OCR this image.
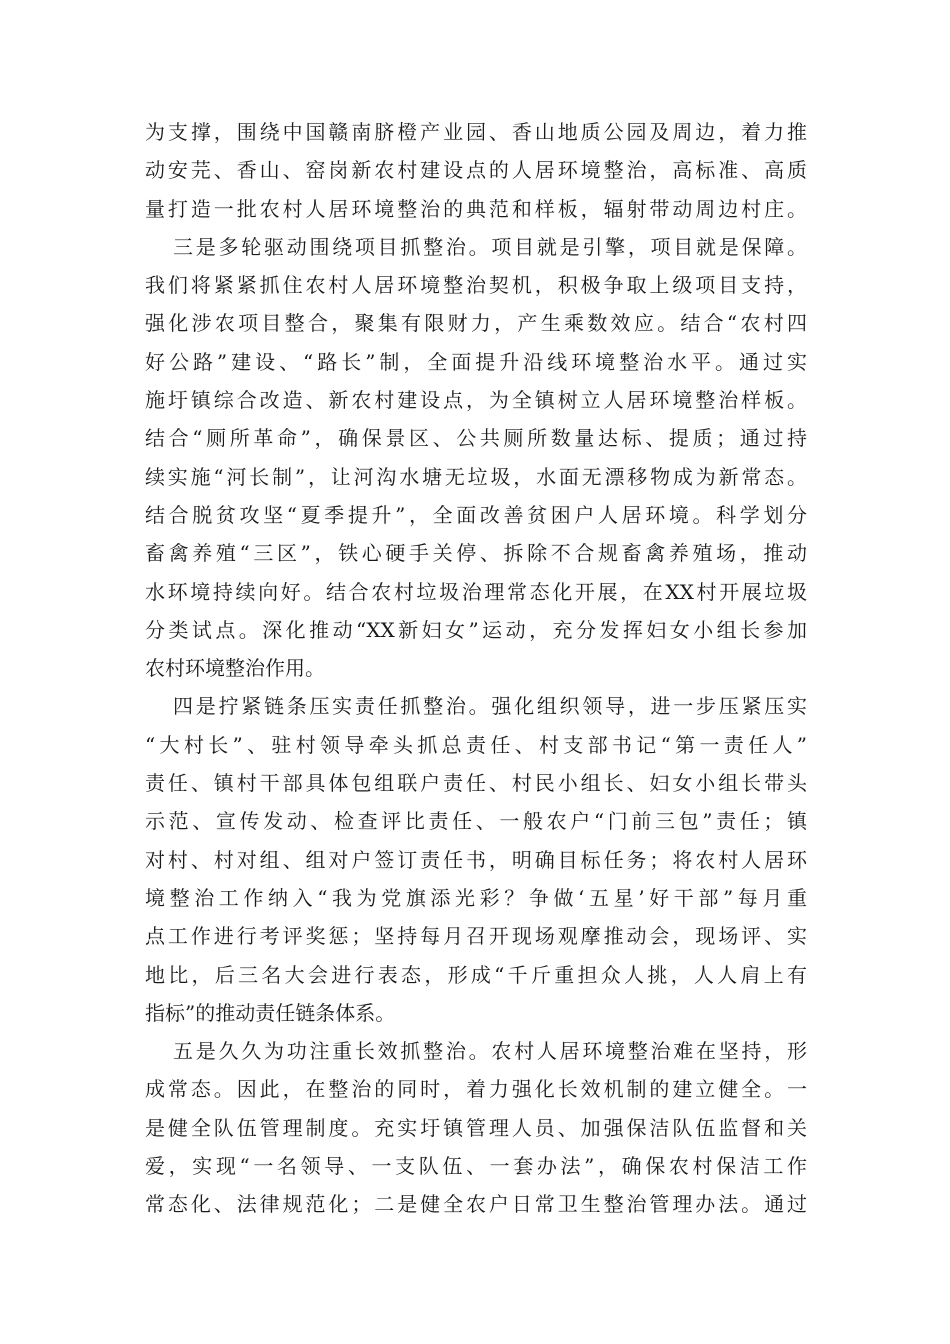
为支撑，围绕中国赣南脐橙产业园、香山地质公园及周边，着力推
动安芫、香山、窑岗新农村建设点的人居环境整治，高标准、高质
量打造一批农村人居环境整治的典范和样板，辐射带动周边村庄。
三是多轮驱动围绕项目抓整治。项目就是引擎，项目就是保障。
我们将紧紧抓住农村人居环境整治契机，积极争取上级项目支持，
强化涉农项目整合，聚集有限财力，产生乘数效应。结合“农村四
好公路”建设、“路长”制，全面提升沿线环境整治水平。通过实
施圩镇综合改造、新农村建设点，为全镇树立人居环境整治样板。
结合“厕所革命”，确保景区、公共厕所数量达标、提质；通过持
续实施“河长制”，让河沟水塘无垃圾，水面无漂移物成为新常态。
结合脱贫攻坚“夏季提升”，全面改善贫困户人居环境。科学划分
畜禽养殖“三区”，铁心硬手关停、拆除不合规畜禽养殖场，推动
水环境持续向好。结合农村垃圾治理常态化开展，在XX村开展垃圾
分类试点。深化推动“XX新妇女”运动，充分发挥妇女小组长参加
农村环境整治作用。
四是拧紧链条压实责任抓整治。强化组织领导，进一步压紧压实
“大村长”、驻村领导牵头抓总责任、村支部书记“第一责任人”
责任、镇村干部具体包组联户责任、村民小组长、妇女小组长带头
示范、宣传发动、检查评比责任、一般农户“门前三包”责任；镇
对村、村对组、组对户签订责任书，明确目标任务；将农村人居环
境整治工作纳入“我为党旗添光彩？争做‘五星’好干部”每月重
点工作进行考评奖惩；坚持每月召开现场观摩推动会，现场评、实
地比，后三名大会进行表态，形成“千斤重担众人挑，人人肩上有
指标”的推动责任链条体系。
五是久久为功注重长效抓整治。农村人居环境整治难在坚持，形
成常态。因此，在整治的同时，着力强化长效机制的建立健全。一
是健全队伍管理制度。充实圩镇管理人员、加强保洁队伍监督和关
爱，实现“一名领导、一支队伍、一套办法”，确保农村保洁工作
常态化、法律规范化；二是健全农户日常卫生整治管理办法。通过
